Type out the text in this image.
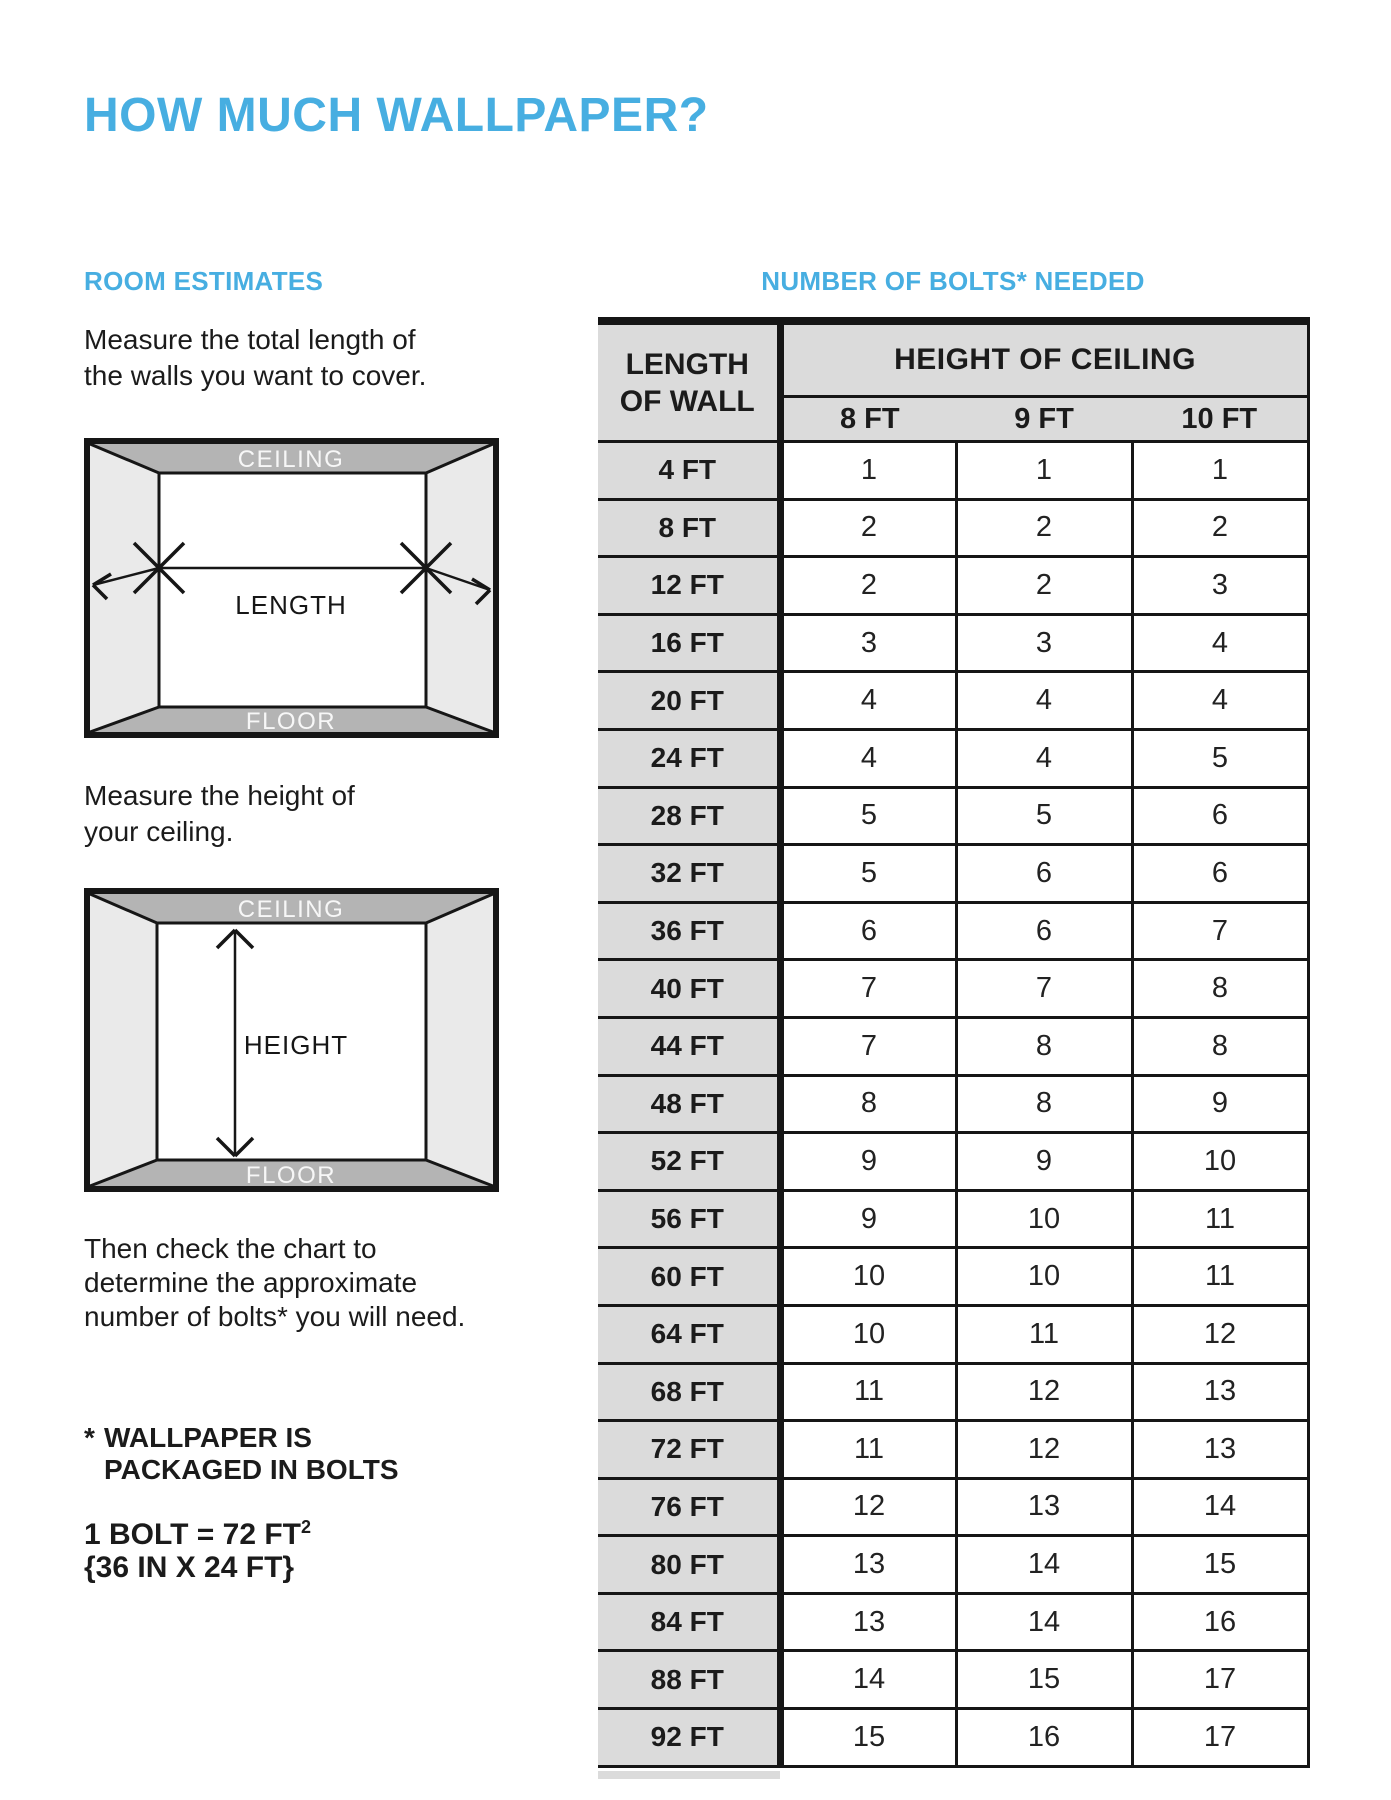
HOW MUCH WALLPAPER?
ROOM ESTIMATES

Measure the total length of
the walls you want to cover.

CEILING
LENGTH
FLOOR

Measure the height of
your ceiling.

CEILING
HEIGHT
FLOOR

Then check the chart to
determine the approximate
number of bolts* you will need.

* WALLPAPER IS
PACKAGED IN BOLTS
1 BOLT = 72 $FT^2$
{36 IN X 24 FT}
NUMBER OF BOLTS* NEEDED
LENGTH
OF WALL	HEIGHT OF CEILING		
	8 FT	9 FT	10 FT
4 FT	1	1	1
8 FT	2	2	2
12 FT	2	2	3
16 FT	3	3	4
20 FT	4	4	4
24 FT	4	4	5
28 FT	5	5	6
32 FT	5	6	6
36 FT	6	6	7
40 FT	7	7	8
44 FT	7	8	8
48 FT	8	8	9
52 FT	9	9	10
56 FT	9	10	11
60 FT	10	10	11
64 FT	10	11	12
68 FT	11	12	13
72 FT	11	12	13
76 FT	12	13	14
80 FT	13	14	15
84 FT	13	14	16
88 FT	14	15	17
92 FT	15	16	17
